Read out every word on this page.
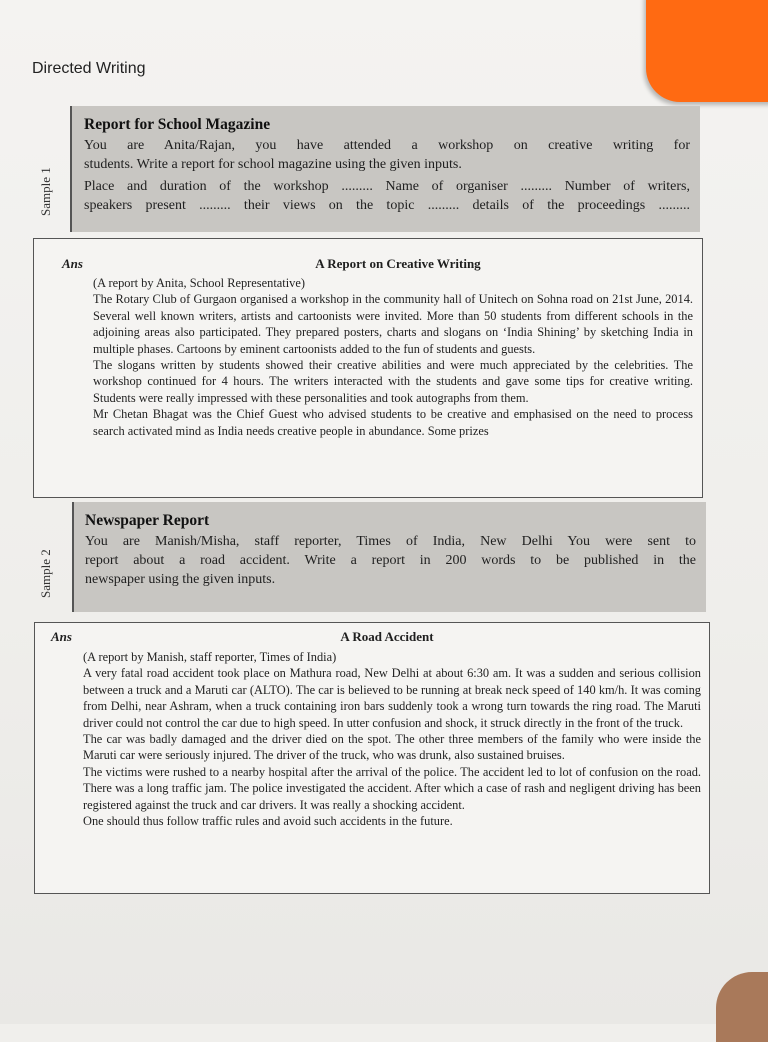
Directed Writing
Sample 1
Report for School Magazine

You are Anita/Rajan, you have attended a workshop on creative writing for

students. Write a report for school magazine using the given inputs.

Place and duration of the workshop ......... Name of organiser ......... Number of writers,

speakers present ......... their views on the topic ......... details of the proceedings .........

Ans	A Report on Creative Writing

(A report by Anita, School Representative)

The Rotary Club of Gurgaon organised a workshop in the community hall of Unitech on Sohna road on 21st June, 2014. Several well known writers, artists and cartoonists were invited. More than 50 students from different schools in the adjoining areas also participated. They prepared posters, charts and slogans on ‘India Shining’ by sketching India in multiple phases. Cartoons by eminent cartoonists added to the fun of students and guests.

The slogans written by students showed their creative abilities and were much appreciated by the celebrities. The workshop continued for 4 hours. The writers interacted with the students and gave some tips for creative writing. Students were really impressed with these personalities and took autographs from them.

Mr Chetan Bhagat was the Chief Guest who advised students to be creative and emphasised on the need to process search activated mind as India needs creative people in abundance. Some prizes

Sample 2
Newspaper Report

You are Manish/Misha, staff reporter, Times of India, New Delhi You were sent to

report about a road accident. Write a report in 200 words to be published in the

newspaper using the given inputs.

Ans	A Road Accident

(A report by Manish, staff reporter, Times of India)

A very fatal road accident took place on Mathura road, New Delhi at about 6:30 am. It was a sudden and serious collision between a truck and a Maruti car (ALTO). The car is believed to be running at break neck speed of 140 km/h. It was coming from Delhi, near Ashram, when a truck containing iron bars suddenly took a wrong turn towards the ring road. The Maruti driver could not control the car due to high speed. In utter confusion and shock, it struck directly in the front of the truck.

The car was badly damaged and the driver died on the spot. The other three members of the family who were inside the Maruti car were seriously injured. The driver of the truck, who was drunk, also sustained bruises.

The victims were rushed to a nearby hospital after the arrival of the police. The accident led to lot of confusion on the road. There was a long traffic jam. The police investigated the accident. After which a case of rash and negligent driving has been registered against the truck and car drivers. It was really a shocking accident.

One should thus follow traffic rules and avoid such accidents in the future.
